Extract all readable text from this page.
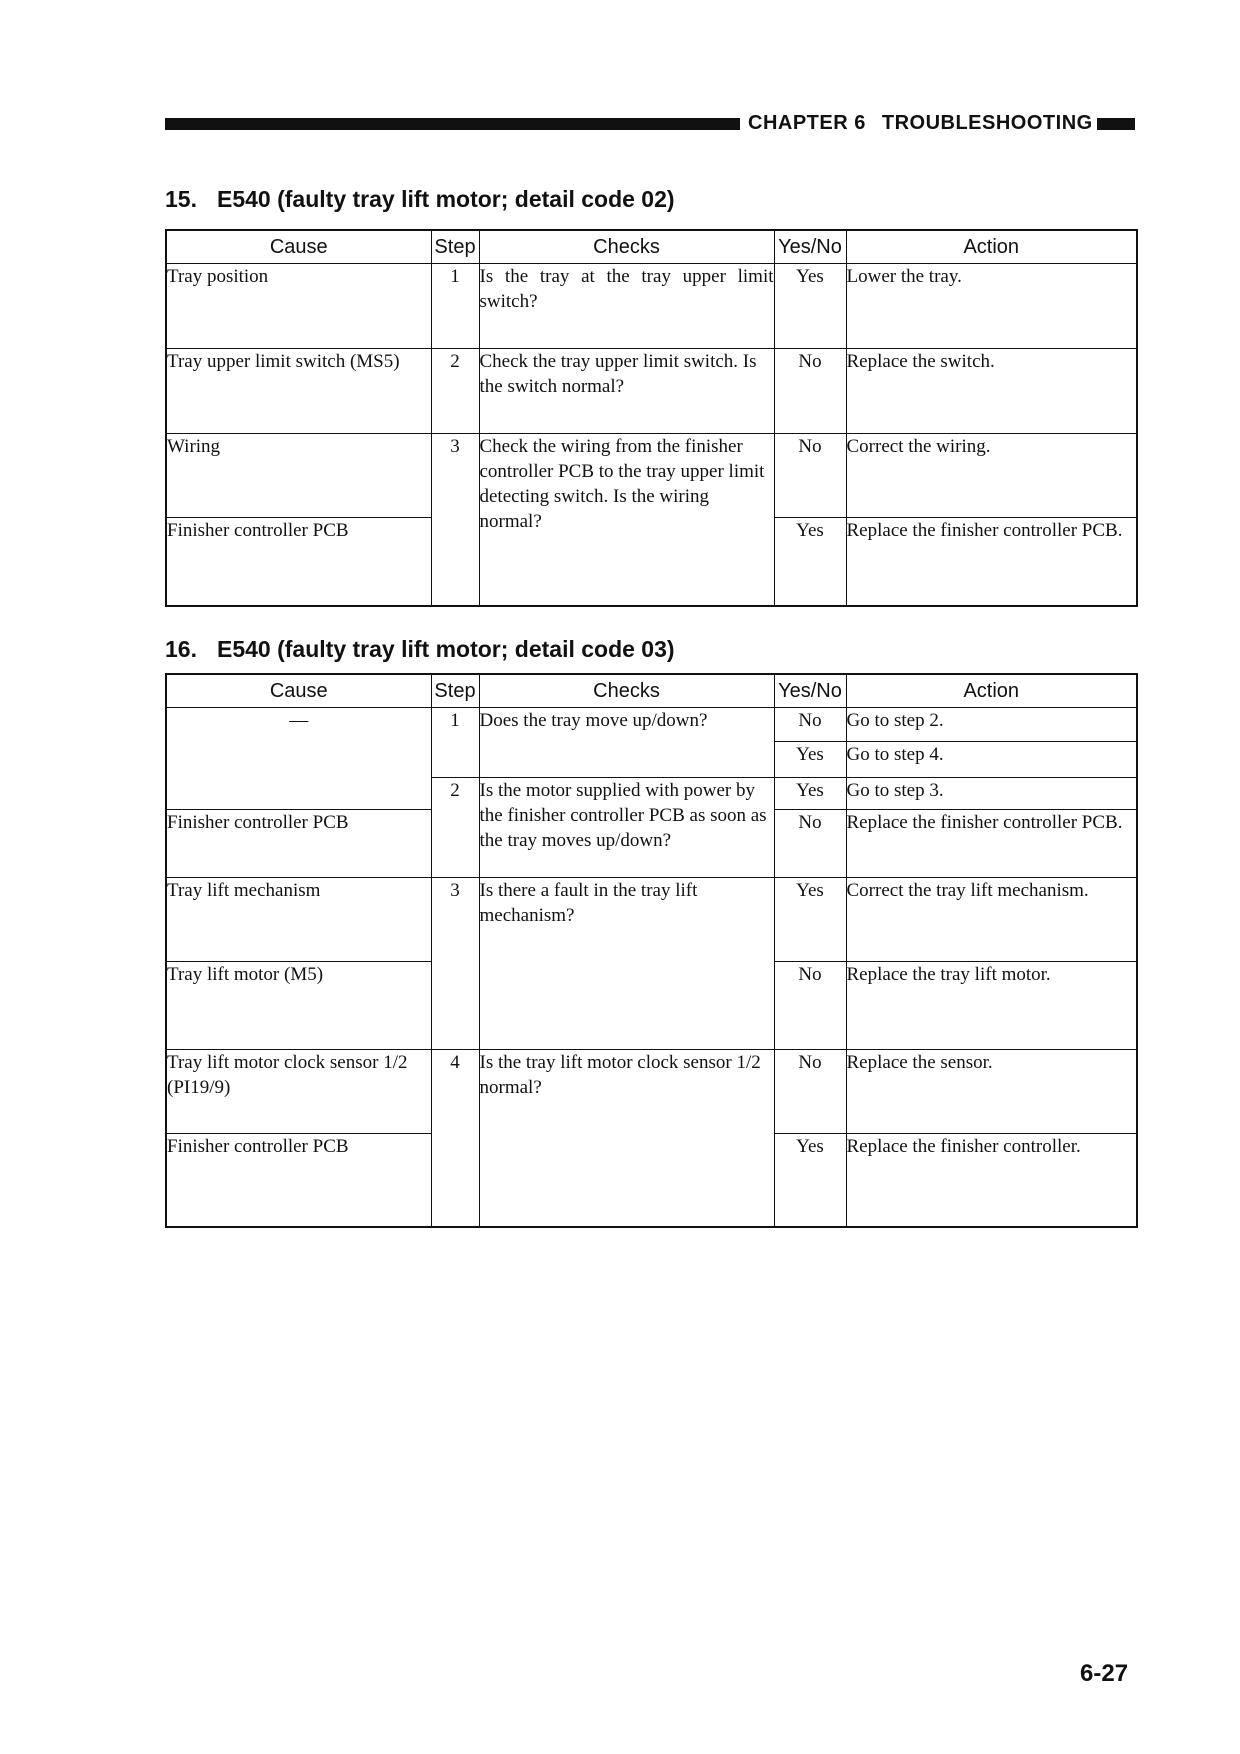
CHAPTER 6 TROUBLESHOOTING
15. E540 (faulty tray lift motor; detail code 02)
Cause	Step	Checks	Yes/No	Action
Tray position	1	Is the tray at the tray upper limit switch?	Yes	Lower the tray.
Tray upper limit switch (MS5)	2	Check the tray upper limit switch. Is the switch normal?	No	Replace the switch.
Wiring	3	Check the wiring from the finisher controller PCB to the tray upper limit detecting switch. Is the wiring normal?	No	Correct the wiring.
Finisher controller PCB			Yes	Replace the finisher controller PCB.
16. E540 (faulty tray lift motor; detail code 03)
Cause	Step	Checks	Yes/No	Action
—	1	Does the tray move up/down?	No	Go to step 2.
			Yes	Go to step 4.
	2	Is the motor supplied with power by the finisher controller PCB as soon as the tray moves up/down?	Yes	Go to step 3.
Finisher controller PCB			No	Replace the finisher controller PCB.
Tray lift mechanism	3	Is there a fault in the tray lift mechanism?	Yes	Correct the tray lift mechanism.
Tray lift motor (M5)			No	Replace the tray lift motor.
Tray lift motor clock sensor 1/2 (PI19/9)	4	Is the tray lift motor clock sensor 1/2 normal?	No	Replace the sensor.
Finisher controller PCB			Yes	Replace the finisher controller.
6-27
